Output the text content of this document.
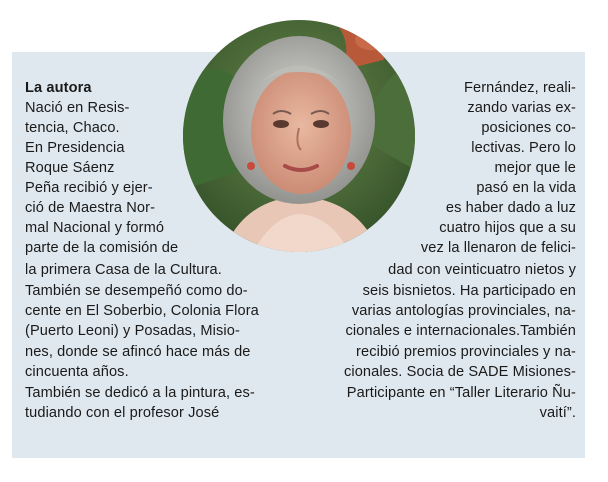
La autora
Nació en Resis-
tencia, Chaco.
En Presidencia
Roque Sáenz
Peña recibió y ejer-
ció de Maestra Nor-
mal Nacional y formó
parte de la comisión de
la primera Casa de la Cultura.
También se desempeñó como do-
cente en El Soberbio, Colonia Flora
(Puerto Leoni) y Posadas, Misio-
nes, donde se afincó hace más de
cincuenta años.
También se dedicó a la pintura, es-
tudiando con el profesor José
Fernández, reali-
zando varias ex-
posiciones co-
lectivas. Pero lo
mejor que le
pasó en la vida
es haber dado a luz
cuatro hijos que a su
vez la llenaron de felici-
dad con veinticuatro nietos y
seis bisnietos. Ha participado en
varias antologías provinciales, na-
cionales e internacionales.También
recibió premios provinciales y na-
cionales. Socia de SADE Misiones-
Participante en “Taller Literario Ñu-
vaití”.
